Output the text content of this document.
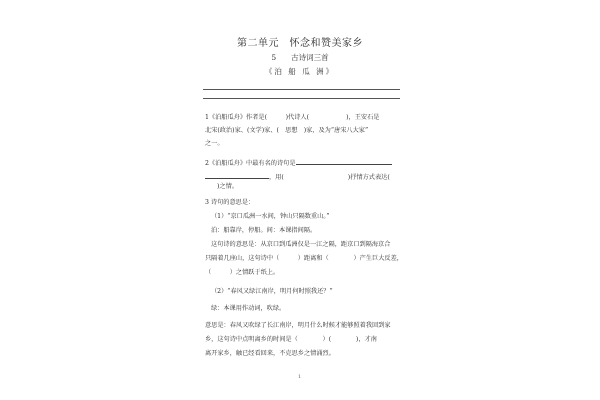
第二单元　怀念和赞美家乡
5　　古诗词三首
《泊 船 瓜 洲》
1《泊船瓜舟》作者是(　　　)代诗人(　　　　　　)，王安石是
北宋(政治)家、(文学)家、(　思想　)家，及为“唐宋八大家”
之一。
2《泊船瓜舟》中最有名的诗句是
，用(	)抒情方式表达(
)之情。
3 诗句的意思是：
（1）“京口瓜洲一水间，钟山只隔数重山。”
泊：船靠岸，停船。间：本课指间隔。
这句诗的意思是：从京口到瓜洲仅是一江之隔，距京口到隔海京合
只隔着几座山，这句诗中（　　　）距离和（　　　　）产生巨大反差，
（　　　）之情跃于纸上。
（2）“春风又绿江南岸，明月何时照我还？”
绿：本课用作动词，吹绿。
意思是：春风又吹绿了长江南岸，明月什么时候才能够照着我回到家
乡，这句诗中点明离乡的时间是（　　　　）(　　　　)，才南
离开家乡，触已经看回来，不克思乡之情涌烈。
1
